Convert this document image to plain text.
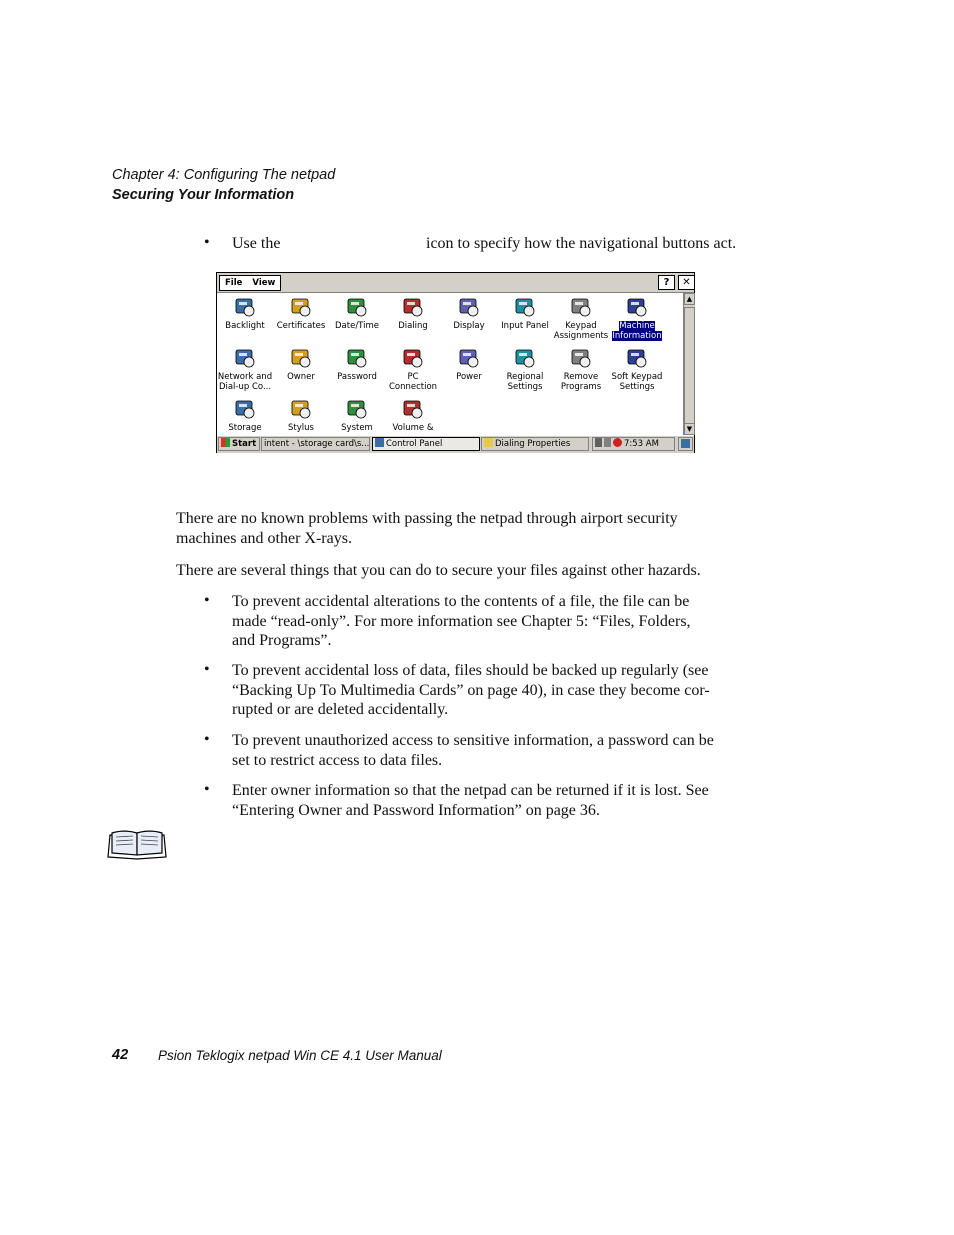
Chapter 4: Configuring The netpad
Securing Your Information
• Use the	icon to specify how the navigational buttons act.
File	View	?	✕
Backlight	Certificates	Date/Time	Dialing	Display	Input Panel	Keypad
Assignments
Machine
Information
Network and
Dial-up Co...
Owner	Password	PC
Connection
Power	Regional
Settings
Remove
Programs
Soft Keypad
Settings
Storage	Stylus	System	Volume &
▲
▼
Start intent - \storage card\s...	Control Panel	Dialing Properties	7:53 AM
There are no known problems with passing the netpad through airport security
machines and other X-rays.
There are several things that you can do to secure your files against other hazards.
• To prevent accidental alterations to the contents of a file, the file can be
made “read-only”. For more information see Chapter 5: “Files, Folders,
and Programs”.
• To prevent accidental loss of data, files should be backed up regularly (see
“Backing Up To Multimedia Cards” on page 40), in case they become cor-
rupted or are deleted accidentally.
• To prevent unauthorized access to sensitive information, a password can be
set to restrict access to data files.
• Enter owner information so that the netpad can be returned if it is lost. See
“Entering Owner and Password Information” on page 36.
42 Psion Teklogix netpad Win CE 4.1 User Manual
